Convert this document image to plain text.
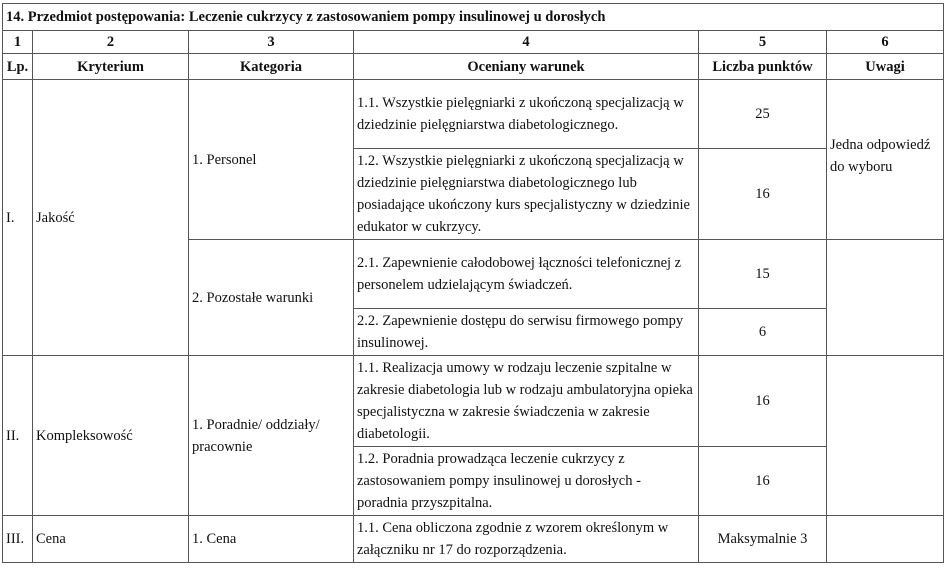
14. Przedmiot postępowania: Leczenie cukrzycy z zastosowaniem pompy insulinowej u dorosłych					
1	2	3	4	5	6
Lp.	Kryterium	Kategoria	Oceniany warunek	Liczba punktów	Uwagi
I.	Jakość	1. Personel	1.1. Wszystkie pielęgniarki z ukończoną specjalizacją w dziedzinie pielęgniarstwa diabetologicznego.	25	Jedna odpowiedź do wyboru
			1.2. Wszystkie pielęgniarki z ukończoną specjalizacją w dziedzinie pielęgniarstwa diabetologicznego lub posiadające ukończony kurs specjalistyczny w dziedzinie edukator w cukrzycy.	16	
		2. Pozostałe warunki	2.1. Zapewnienie całodobowej łączności telefonicznej z personelem udzielającym świadczeń.	15	
			2.2. Zapewnienie dostępu do serwisu firmowego pompy insulinowej.	6	
II.	Kompleksowość	1. Poradnie/ oddziały/ pracownie	1.1. Realizacja umowy w rodzaju leczenie szpitalne w zakresie diabetologia lub w rodzaju ambulatoryjna opieka specjalistyczna w zakresie świadczenia w zakresie diabetologii.	16	
			1.2. Poradnia prowadząca leczenie cukrzycy z zastosowaniem pompy insulinowej u dorosłych - poradnia przyszpitalna.	16	
III.	Cena	1. Cena	1.1. Cena obliczona zgodnie z wzorem określonym w załączniku nr 17 do rozporządzenia.	Maksymalnie 3	
